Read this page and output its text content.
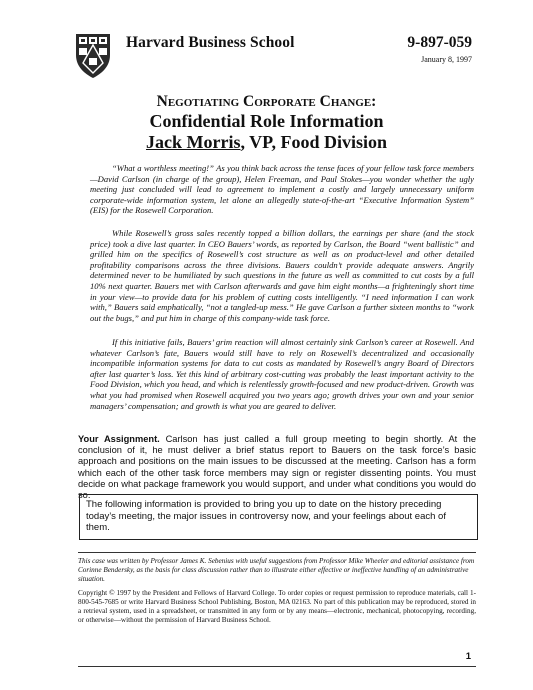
Harvard Business School	9-897-059
January 8, 1997
Negotiating Corporate Change:
Confidential Role Information
Jack Morris, VP, Food Division

“What a worthless meeting!” As you think back across the tense faces of your fellow task force members—David Carlson (in charge of the group), Helen Freeman, and Paul Stokes—you wonder whether the ugly meeting just concluded will lead to agreement to implement a costly and largely unnecessary uniform corporate-wide information system, let alone an allegedly state-of-the-art “Executive Information System” (EIS) for the Rosewell Corporation.

While Rosewell’s gross sales recently topped a billion dollars, the earnings per share (and the stock price) took a dive last quarter. In CEO Bauers’ words, as reported by Carlson, the Board “went ballistic” and grilled him on the specifics of Rosewell’s cost structure as well as on product-level and other detailed profitability comparisons across the three divisions. Bauers couldn’t provide adequate answers. Angrily determined never to be humiliated by such questions in the future as well as committed to cut costs by a full 10% next quarter. Bauers met with Carlson afterwards and gave him eight months—a frighteningly short time in your view—to provide data for his problem of cutting costs intelligently. “I need information I can work with,” Bauers said emphatically, “not a tangled-up mess.” He gave Carlson a further sixteen months to “work out the bugs,” and put him in charge of this company-wide task force.

If this initiative fails, Bauers’ grim reaction will almost certainly sink Carlson’s career at Rosewell. And whatever Carlson’s fate, Bauers would still have to rely on Rosewell’s decentralized and occasionally incompatible information systems for data to cut costs as mandated by Rosewell’s angry Board of Directors after last quarter’s loss. Yet this kind of arbitrary cost-cutting was probably the least important activity to the Food Division, which you head, and which is relentlessly growth-focused and new product-driven. Growth was what you had promised when Rosewell acquired you two years ago; growth drives your own and your senior managers’ compensation; and growth is what you are geared to deliver.

Your Assignment. Carlson has just called a full group meeting to begin shortly. At the conclusion of it, he must deliver a brief status report to Bauers on the task force’s basic approach and positions on the main issues to be discussed at the meeting. Carlson has a form which each of the other task force members may sign or register dissenting points. You must decide on what package framework you would support, and under what conditions you would do so.

The following information is provided to bring you up to date on the history preceding today’s meeting, the major issues in controversy now, and your feelings about each of them.

This case was written by Professor James K. Sebenius with useful suggestions from Professor Mike Wheeler and editorial assistance from Corinne Bendersky, as the basis for class discussion rather than to illustrate either effective or ineffective handling of an administrative situation.

Copyright © 1997 by the President and Fellows of Harvard College. To order copies or request permission to reproduce materials, call 1-800-545-7685 or write Harvard Business School Publishing, Boston, MA 02163. No part of this publication may be reproduced, stored in a retrieval system, used in a spreadsheet, or transmitted in any form or by any means—electronic, mechanical, photocopying, recording, or otherwise—without the permission of Harvard Business School.

1
